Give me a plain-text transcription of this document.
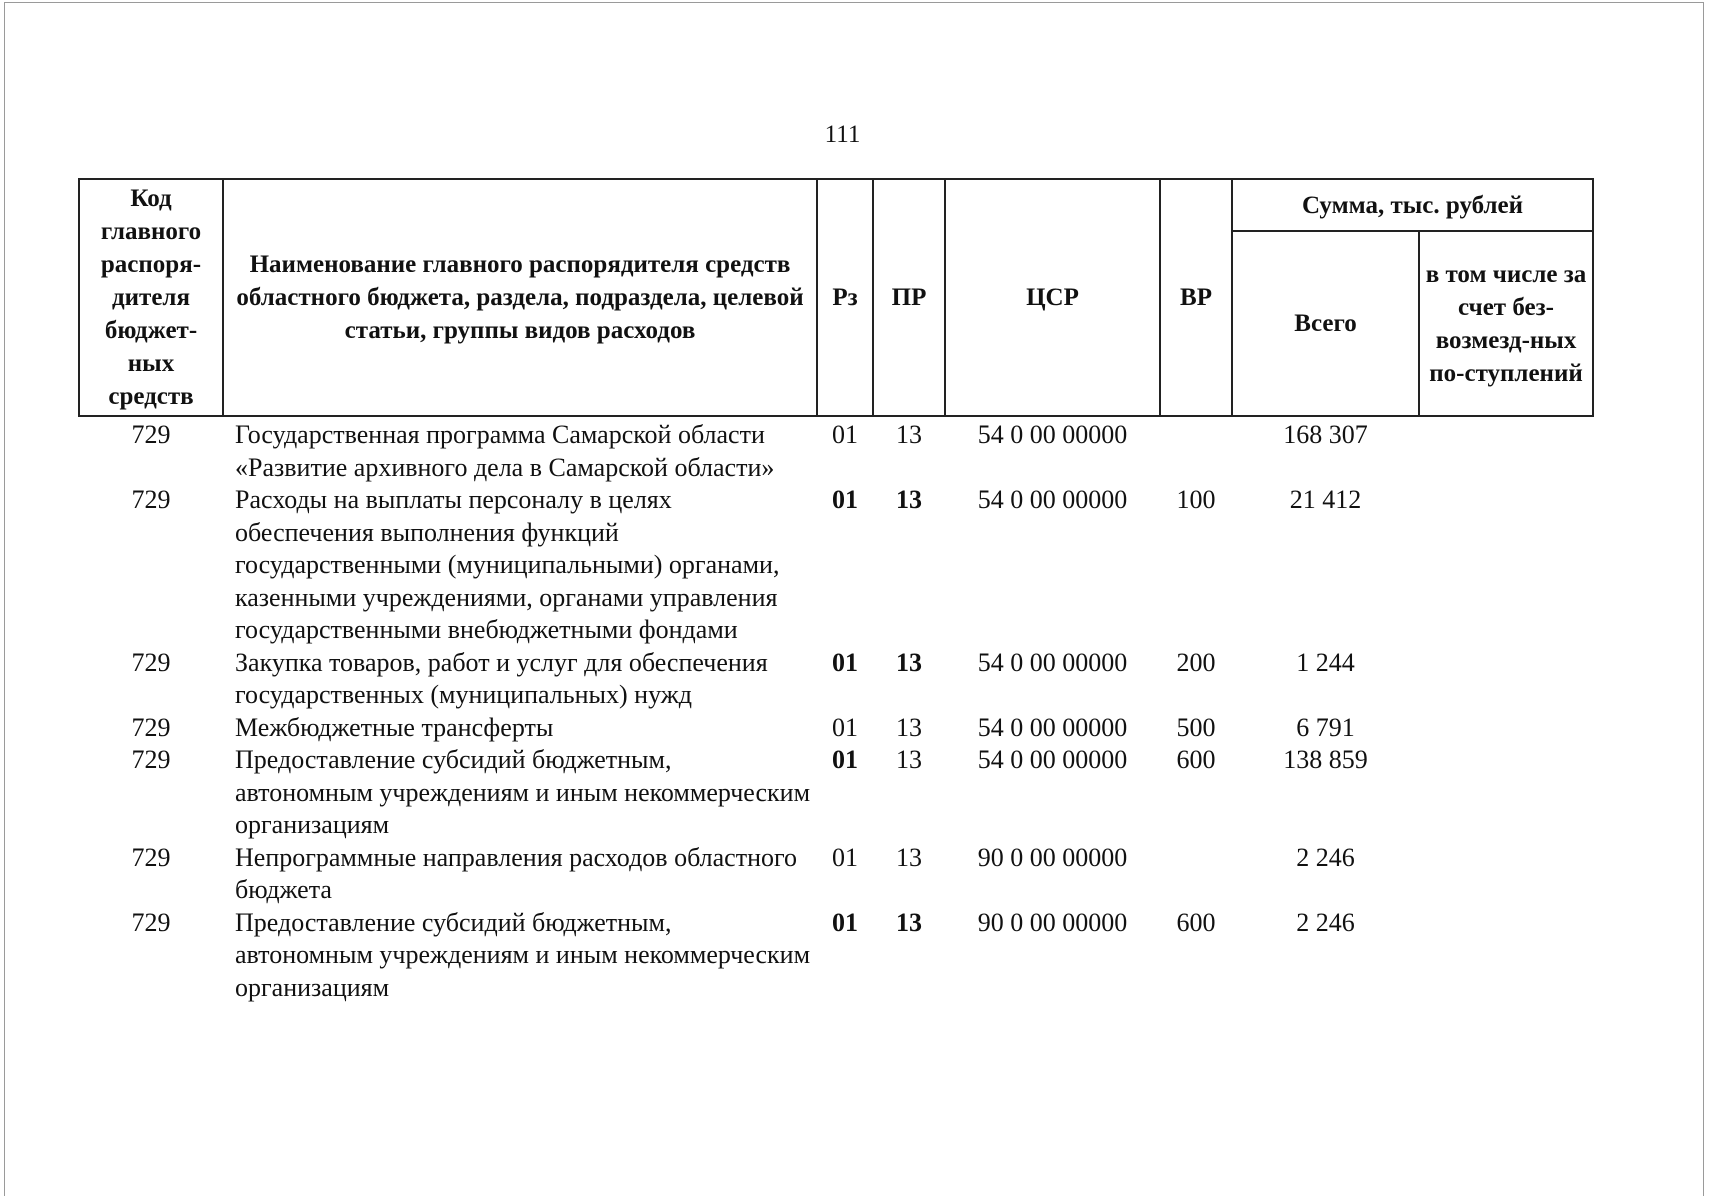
111
Код главного распоря-дителя бюджет-ных средств	Наименование главного распорядителя средств областного бюджета, раздела, подраздела, целевой статьи, группы видов расходов	Рз	ПР	ЦСР	ВР	Сумма, тыс. рублей	
						Всего	в том числе за счет без-возмезд-ных по-ступлений
729	Государственная программа Самарской области «Развитие архивного дела в Самарской области»	01	13	54 0 00 00000		168 307	
729	Расходы на выплаты персоналу в целях обеспечения выполнения функций государственными (муниципальными) органами, казенными учреждениями, органами управления государственными внебюджетными фондами	01	13	54 0 00 00000	100	21 412	
729	Закупка товаров, работ и услуг для обеспечения государственных (муниципальных) нужд	01	13	54 0 00 00000	200	1 244	
729	Межбюджетные трансферты	01	13	54 0 00 00000	500	6 791	
729	Предоставление субсидий бюджетным, автономным учреждениям и иным некоммерческим организациям	01	13	54 0 00 00000	600	138 859	
729	Непрограммные направления расходов областного бюджета	01	13	90 0 00 00000		2 246	
729	Предоставление субсидий бюджетным, автономным учреждениям и иным некоммерческим организациям	01	13	90 0 00 00000	600	2 246	
